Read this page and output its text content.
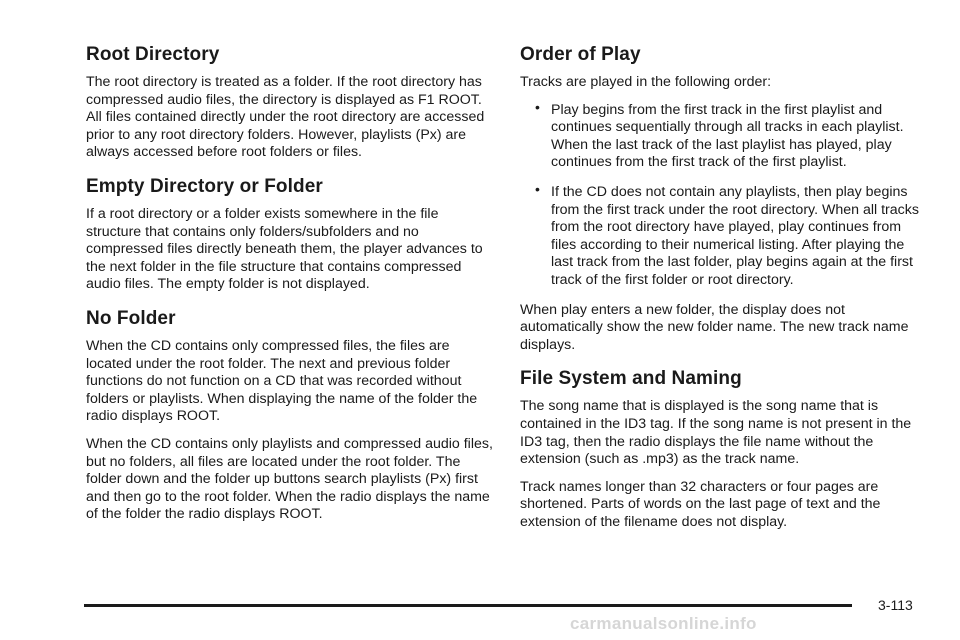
Root Directory

The root directory is treated as a folder. If the root directory has compressed audio files, the directory is displayed as F1 ROOT. All files contained directly under the root directory are accessed prior to any root directory folders. However, playlists (Px) are always accessed before root folders or files.

Empty Directory or Folder

If a root directory or a folder exists somewhere in the file structure that contains only folders/subfolders and no compressed files directly beneath them, the player advances to the next folder in the file structure that contains compressed audio files. The empty folder is not displayed.

No Folder

When the CD contains only compressed files, the files are located under the root folder. The next and previous folder functions do not function on a CD that was recorded without folders or playlists. When displaying the name of the folder the radio displays ROOT.

When the CD contains only playlists and compressed audio files, but no folders, all files are located under the root folder. The folder down and the folder up buttons search playlists (Px) first and then go to the root folder. When the radio displays the name of the folder the radio displays ROOT.

Order of Play

Tracks are played in the following order:

• Play begins from the first track in the first playlist and continues sequentially through all tracks in each playlist. When the last track of the last playlist has played, play continues from the first track of the first playlist.
• If the CD does not contain any playlists, then play begins from the first track under the root directory. When all tracks from the root directory have played, play continues from files according to their numerical listing. After playing the last track from the last folder, play begins again at the first track of the first folder or root directory.

When play enters a new folder, the display does not automatically show the new folder name. The new track name displays.

File System and Naming

The song name that is displayed is the song name that is contained in the ID3 tag. If the song name is not present in the ID3 tag, then the radio displays the file name without the extension (such as .mp3) as the track name.

Track names longer than 32 characters or four pages are shortened. Parts of words on the last page of text and the extension of the filename does not display.

3-113
carmanualsonline.info
